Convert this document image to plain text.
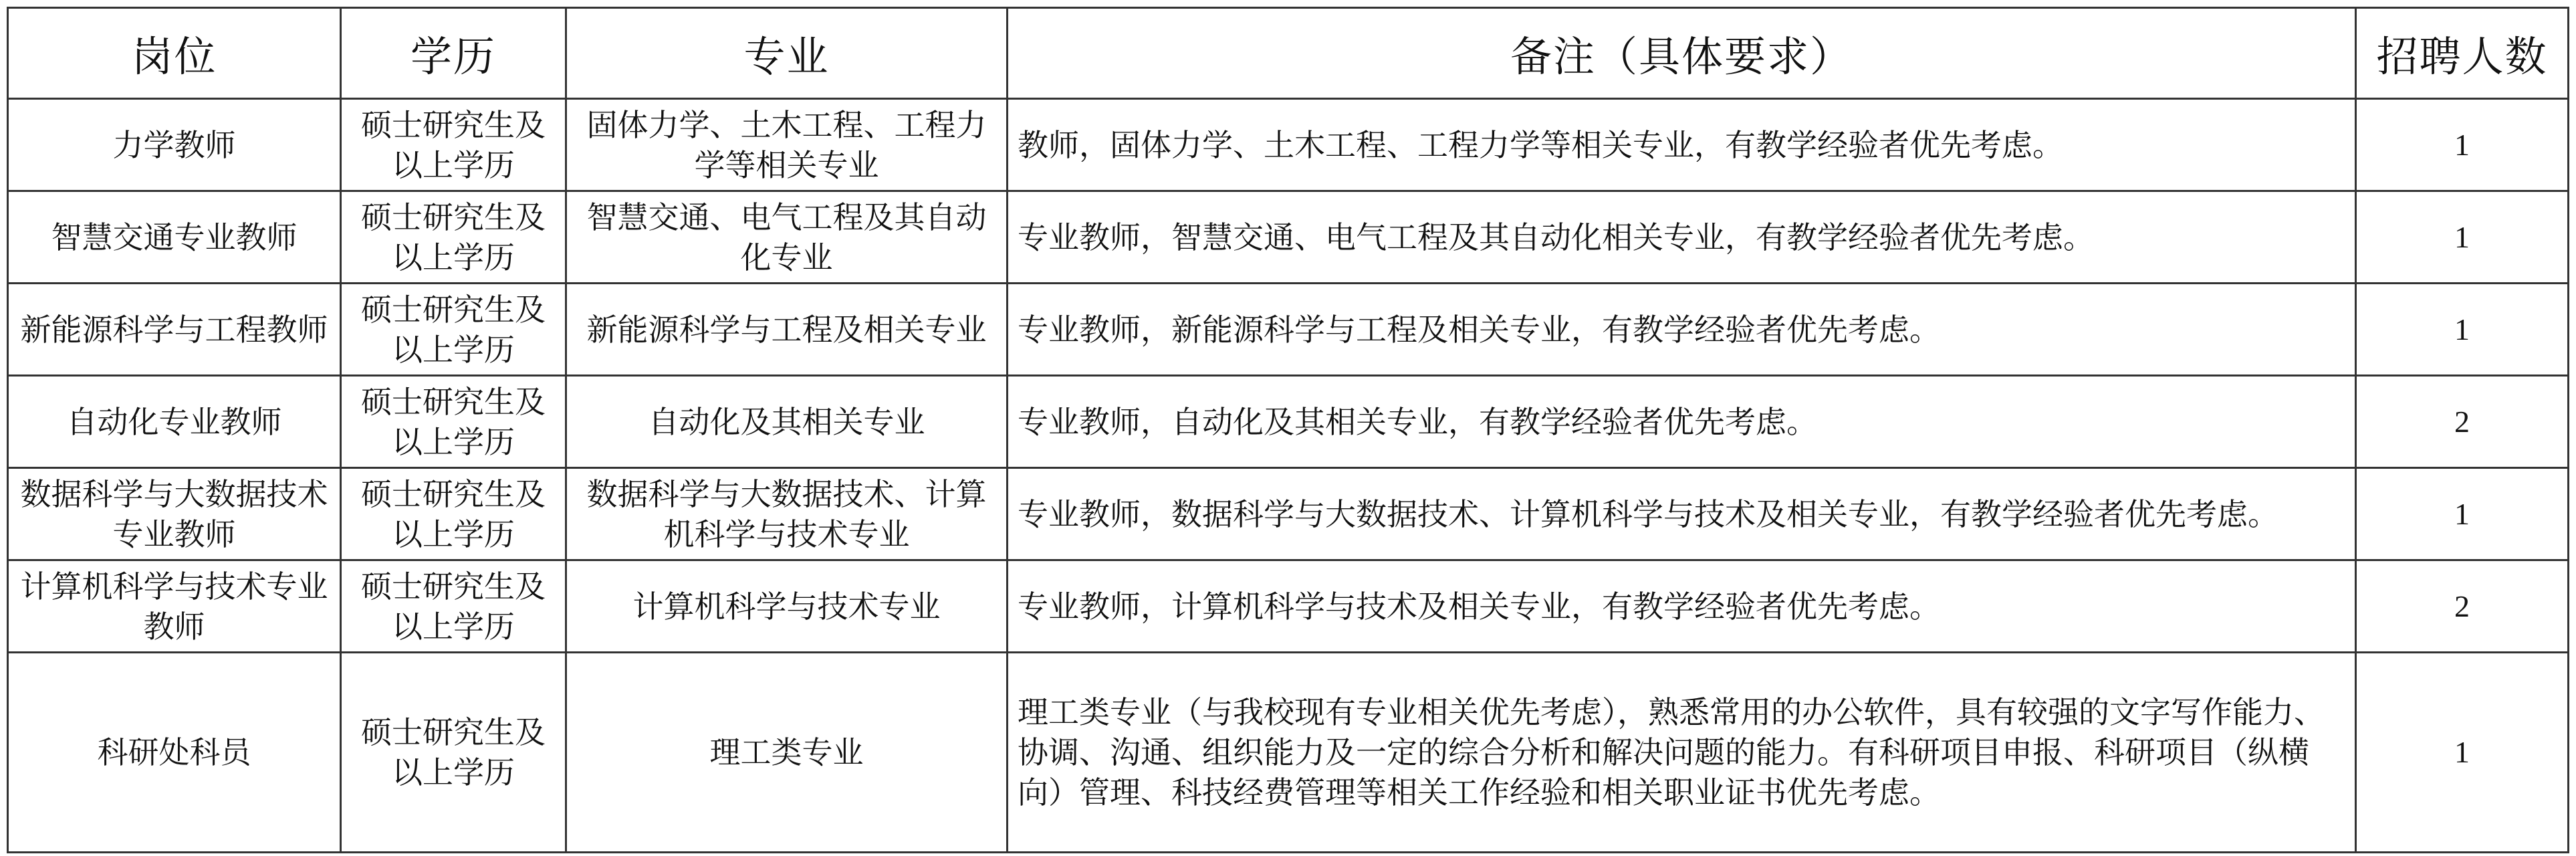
岗位	学历	专业	备注（具体要求）	招聘人数
力学教师	硕士研究生及以上学历	固体力学、土木工程、工程力学等相关专业	教师，固体力学、土木工程、工程力学等相关专业，有教学经验者优先考虑。	1
智慧交通专业教师	硕士研究生及以上学历	智慧交通、电气工程及其自动化专业	专业教师，智慧交通、电气工程及其自动化相关专业，有教学经验者优先考虑。	1
新能源科学与工程教师	硕士研究生及以上学历	新能源科学与工程及相关专业	专业教师，新能源科学与工程及相关专业，有教学经验者优先考虑。	1
自动化专业教师	硕士研究生及以上学历	自动化及其相关专业	专业教师，自动化及其相关专业，有教学经验者优先考虑。	2
数据科学与大数据技术专业教师	硕士研究生及以上学历	数据科学与大数据技术、计算机科学与技术专业	专业教师，数据科学与大数据技术、计算机科学与技术及相关专业，有教学经验者优先考虑。	1
计算机科学与技术专业教师	硕士研究生及以上学历	计算机科学与技术专业	专业教师，计算机科学与技术及相关专业，有教学经验者优先考虑。	2
科研处科员	硕士研究生及以上学历	理工类专业	理工类专业（与我校现有专业相关优先考虑），熟悉常用的办公软件，具有较强的文字写作能力、协调、沟通、组织能力及一定的综合分析和解决问题的能力。有科研项目申报、科研项目（纵横向）管理、科技经费管理等相关工作经验和相关职业证书优先考虑。	1
